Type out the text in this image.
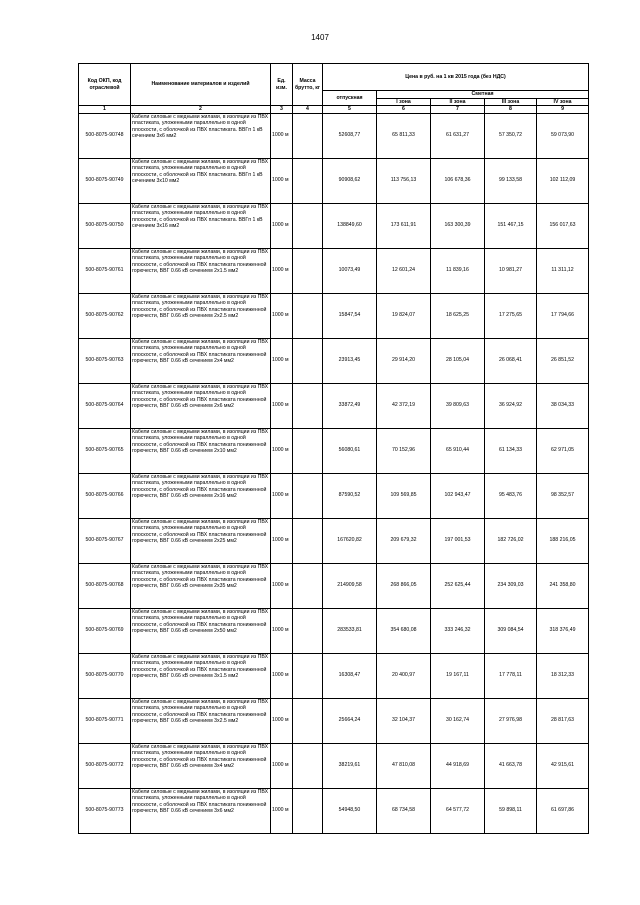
1407
Код ОКП, код отраслевой	Наименование материалов и изделий	Ед. изм.	Масса брутто, кг	Цена в руб. на 1 кв 2015 года (без НДС)				
				отпускная	Сметная			
					I зона	II зона	III зона	IV зона
1	2	3	4	5	6	7	8	9
500-8075-90748	Кабели силовые с медными жилами, в изоляции из ПВХ пластиката, уложенными параллельно в одной плоскости, с оболочкой из ПВХ пластиката. ВВГп 1 кВ сечением 3х6 мм2	1000 м		52608,77	65 811,33	61 631,27	57 350,72	59 073,90
500-8075-90749	Кабели силовые с медными жилами, в изоляции из ПВХ пластиката, уложенными параллельно в одной плоскости, с оболочкой из ПВХ пластиката. ВВГп 1 кВ сечением 3х10 мм2	1000 м		90908,62	113 756,13	106 678,36	99 133,58	102 112,09
500-8075-90750	Кабели силовые с медными жилами, в изоляции из ПВХ пластиката, уложенными параллельно в одной плоскости, с оболочкой из ПВХ пластиката. ВВГп 1 кВ сечением 3х16 мм2	1000 м		138849,60	173 611,91	163 300,39	151 467,15	156 017,63
500-8075-90761	Кабели силовые с медными жилами, в изоляции из ПВХ пластиката, уложенными параллельно в одной плоскости, с оболочкой из ПВХ пластиката пониженной горючести, ВВГ 0.66 кВ сечением 2х1.5 мм2	1000 м		10073,49	12 601,24	11 839,16	10 981,27	11 311,12
500-8075-90762	Кабели силовые с медными жилами, в изоляции из ПВХ пластиката, уложенными параллельно в одной плоскости, с оболочкой из ПВХ пластиката пониженной горючести, ВВГ 0.66 кВ сечением 2х2.5 мм2	1000 м		15847,54	19 824,07	18 625,25	17 275,65	17 794,66
500-8075-90763	Кабели силовые с медными жилами, в изоляции из ПВХ пластиката, уложенными параллельно в одной плоскости, с оболочкой из ПВХ пластиката пониженной горючести, ВВГ 0.66 кВ сечением 2х4 мм2	1000 м		23913,45	29 914,20	28 105,04	26 068,41	26 851,52
500-8075-90764	Кабели силовые с медными жилами, в изоляции из ПВХ пластиката, уложенными параллельно в одной плоскости, с оболочкой из ПВХ пластиката пониженной горючести, ВВГ 0.66 кВ сечением 2х6 мм2	1000 м		33872,49	42 372,19	39 809,63	36 924,92	38 034,33
500-8075-90765	Кабели силовые с медными жилами, в изоляции из ПВХ пластиката, уложенными параллельно в одной плоскости, с оболочкой из ПВХ пластиката пониженной горючести, ВВГ 0.66 кВ сечением 2х10 мм2	1000 м		56080,61	70 152,96	65 910,44	61 134,33	62 971,05
500-8075-90766	Кабели силовые с медными жилами, в изоляции из ПВХ пластиката, уложенными параллельно в одной плоскости, с оболочкой из ПВХ пластиката пониженной горючести, ВВГ 0.66 кВ сечением 2х16 мм2	1000 м		87590,52	109 569,85	102 943,47	95 483,76	98 352,57
500-8075-90767	Кабели силовые с медными жилами, в изоляции из ПВХ пластиката, уложенными параллельно в одной плоскости, с оболочкой из ПВХ пластиката пониженной горючести, ВВГ 0.66 кВ сечением 2х25 мм2	1000 м		167620,82	209 679,32	197 001,53	182 726,02	188 216,05
500-8075-90768	Кабели силовые с медными жилами, в изоляции из ПВХ пластиката, уложенными параллельно в одной плоскости, с оболочкой из ПВХ пластиката пониженной горючести, ВВГ 0.66 кВ сечением 2х35 мм2	1000 м		214909,58	268 866,05	252 625,44	234 309,03	241 358,80
500-8075-90769	Кабели силовые с медными жилами, в изоляции из ПВХ пластиката, уложенными параллельно в одной плоскости, с оболочкой из ПВХ пластиката пониженной горючести, ВВГ 0.66 кВ сечением 2х50 мм2	1000 м		283533,81	354 680,08	333 246,32	309 084,54	318 376,49
500-8075-90770	Кабели силовые с медными жилами, в изоляции из ПВХ пластиката, уложенными параллельно в одной плоскости, с оболочкой из ПВХ пластиката пониженной горючести, ВВГ 0.66 кВ сечением 3х1.5 мм2	1000 м		16308,47	20 400,97	19 167,11	17 778,11	18 312,33
500-8075-90771	Кабели силовые с медными жилами, в изоляции из ПВХ пластиката, уложенными параллельно в одной плоскости, с оболочкой из ПВХ пластиката пониженной горючести, ВВГ 0.66 кВ сечением 3х2.5 мм2	1000 м		25664,24	32 104,37	30 162,74	27 976,98	28 817,63
500-8075-90772	Кабели силовые с медными жилами, в изоляции из ПВХ пластиката, уложенными параллельно в одной плоскости, с оболочкой из ПВХ пластиката пониженной горючести, ВВГ 0.66 кВ сечением 3х4 мм2	1000 м		38219,61	47 810,08	44 918,69	41 663,78	42 915,61
500-8075-90773	Кабели силовые с медными жилами, в изоляции из ПВХ пластиката, уложенными параллельно в одной плоскости, с оболочкой из ПВХ пластиката пониженной горючести, ВВГ 0.66 кВ сечением 3х6 мм2	1000 м		54948,50	68 734,58	64 577,72	59 898,11	61 697,86
